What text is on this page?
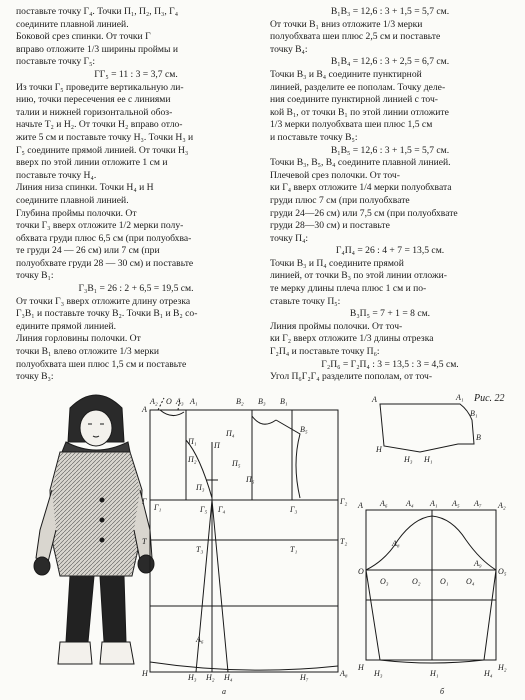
поставьте точку Г₄. Точки П₁, П₂, П₃, Г₄

соедините плавной линией.

Боковой срез спинки. От точки Г

вправо отложите 1/3 ширины проймы и

поставьте точку Г₅:

ГГ₅ = 11 : 3 = 3,7 см.

Из точки Г₅ проведите вертикальную ли-

нию, точки пересечения ее с линиями

талии и нижней горизонтальной обоз-

начьте Т₂ и Н₂. От точки Н₂ вправо отло-

жите 5 см и поставьте точку Н₃. Точки Н₃ и

Г₅ соедините прямой линией. От точки Н₃

вверх по этой линии отложите 1 см и

поставьте точку Н₄.

Линия низа спинки. Точки Н₄ и Н

соедините плавной линией.

Глубина проймы полочки. От

точки Г₃ вверх отложите 1/2 мерки полу-

обхвата груди плюс 6,5 см (при полуобхва-

те груди 24 — 26 см) или 7 см (при

полуобхвате груди 28 — 30 см) и поставьте

точку В₁:

Г₃В₁ = 26 : 2 + 6,5 = 19,5 см.

От точки Г₃ вверх отложите длину отрезка

Г₃В₁ и поставьте точку В₂. Точки В₁ и В₂ со-

едините прямой линией.

Линия горловины полочки. От

точки В₁ влево отложите 1/3 мерки

полуобхвата шеи плюс 1,5 см и поставьте

точку В₃:

В₁В₃ = 12,6 : 3 + 1,5 = 5,7 см.

От точки В₁ вниз отложите 1/3 мерки

полуобхвата шеи плюс 2,5 см и поставьте

точку В₄:

В₁В₄ = 12,6 : 3 + 2,5 = 6,7 см.

Точки В₃ и В₄ соедините пунктирной

линией, разделите ее пополам. Точку деле-

ния соедините пунктирной линией с точ-

кой В₁, от точки В₁ по этой линии отложите

1/3 мерки полуобхвата шеи плюс 1,5 см

и поставьте точку В₅:

В₁В₅ = 12,6 : 3 + 1,5 = 5,7 см.

Точки В₃, В₅, В₄ соедините плавной линией.

Плечевой срез полочки. От точ-

ки Г₄ вверх отложите 1/4 мерки полуобхвата

груди плюс 7 см (при полуобхвате

груди 24—26 см) или 7,5 см (при полуобхвате

груди 28—30 см) и поставьте

точку П₄:

Г₄П₄ = 26 : 4 + 7 = 13,5 см.

Точки В₃ и П₄ соедините прямой

линией, от точки В₃ по этой линии отложи-

те мерку длины плеча плюс 1 см и по-

ставьте точку П₅:

В₃П₅ = 7 + 1 = 8 см.

Линия проймы полочки. От точ-

ки Г₂ вверх отложите 1/3 длины отрезка

Г₂П₄ и поставьте точку П₆:

Г₂П₆ = Г₂П₄ : 3 = 13,5 : 3 = 4,5 см.

Угол П₆Г₂Г₄ разделите пополам, от точ-

Рис. 22
A
A₂ O A₃ A₁	B₂ B₃ B₁
B₅
П₁
П₂
П₃
П
П₄
П₅
П₆
Г
Г₁	Г₅ Г₄	Г₃
Г₂
Т
Т₃	Т₁
Т₂
A₆
Н₃ Н₂ Н₄	Н₇
Н	A₈
а
A	A₁
B₁
B
H₃ H₁
H
A A₆ A₄ A₁ A₅ A₇ A₂
A₈
A₉
O
O₃	O₂ O₁ O₄
O₅
H
H₃	H₁	H₄
H₂
б
